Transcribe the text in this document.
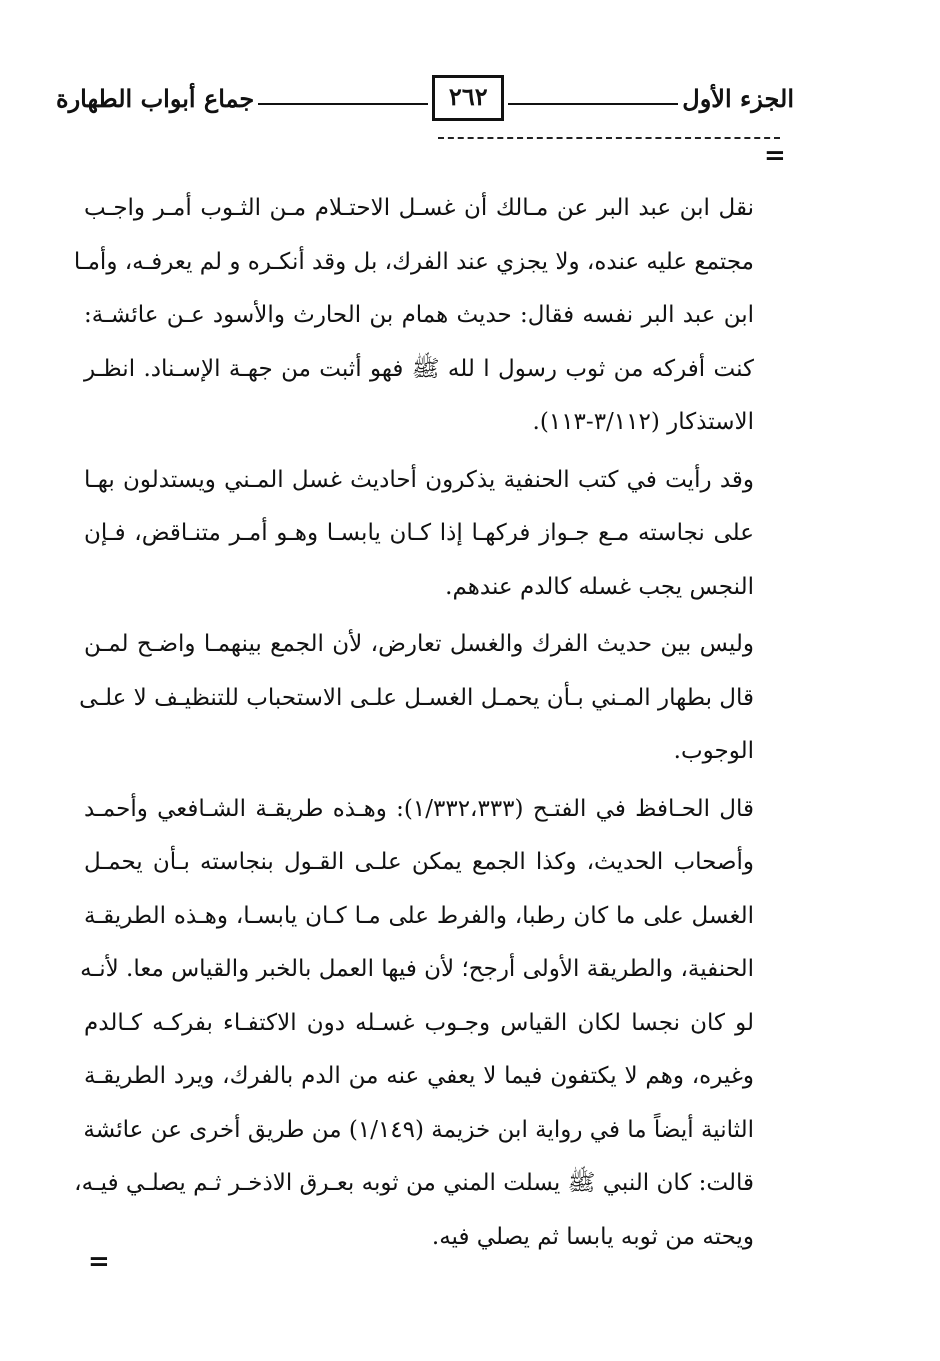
الجزء الأول
٢٦٢
جماع أبواب الطهارة
=
نقل ابن عبد البر عن مـالك أن غسـل الاحتـلام مـن الثـوب أمـر واجـب
مجتمع عليه عنده، ولا يجزي عند الفرك، بل وقد أنكـره و لم يعرفـه، وأمـا
ابن عبد البر نفسه فقال: حديث همام بن الحارث والأسود عـن عائشـة:
كنت أفركه من ثوب رسول ا لله ﷺ فهو أثبت من جهـة الإسـناد. انظـر
الاستذكار (٣/١١٢-١١٣).
وقد رأيت في كتب الحنفية يذكرون أحاديث غسل المـني ويستدلون بهـا
على نجاسته مـع جـواز فركهـا إذا كـان يابسـا وهـو أمـر متنـاقض، فـإن
النجس يجب غسله كالدم عندهم.
وليس بين حديث الفرك والغسل تعارض، لأن الجمع بينهمـا واضـح لمـن
قال بطهار المـني بـأن يحمـل الغسـل علـى الاستحباب للتنظيـف لا علـى
الوجوب.
قال الحـافظ في الفتـح (١/٣٣٢،٣٣٣): وهـذه طريقـة الشـافعي وأحمـد
وأصحاب الحديث، وكذا الجمع يمكن علـى القـول بنجاسته بـأن يحمـل
الغسل على ما كان رطبا، والفرط على مـا كـان يابسـا، وهـذه الطريقـة
الحنفية، والطريقة الأولى أرجح؛ لأن فيها العمل بالخبر والقياس معا. لأنـه
لو كان نجسا لكان القياس وجـوب غسـله دون الاكتفـاء بفركـه كـالدم
وغيره، وهم لا يكتفون فيما لا يعفي عنه من الدم بالفرك، ويرد الطريقـة
الثانية أيضاً ما في رواية ابن خزيمة (١/١٤٩) من طريق أخرى عن عائشة
قالت: كان النبي ﷺ يسلت المني من ثوبه بعـرق الاذخـر ثـم يصلـي فيـه،
ويحته من ثوبه يابسا ثم يصلي فيه.
=
